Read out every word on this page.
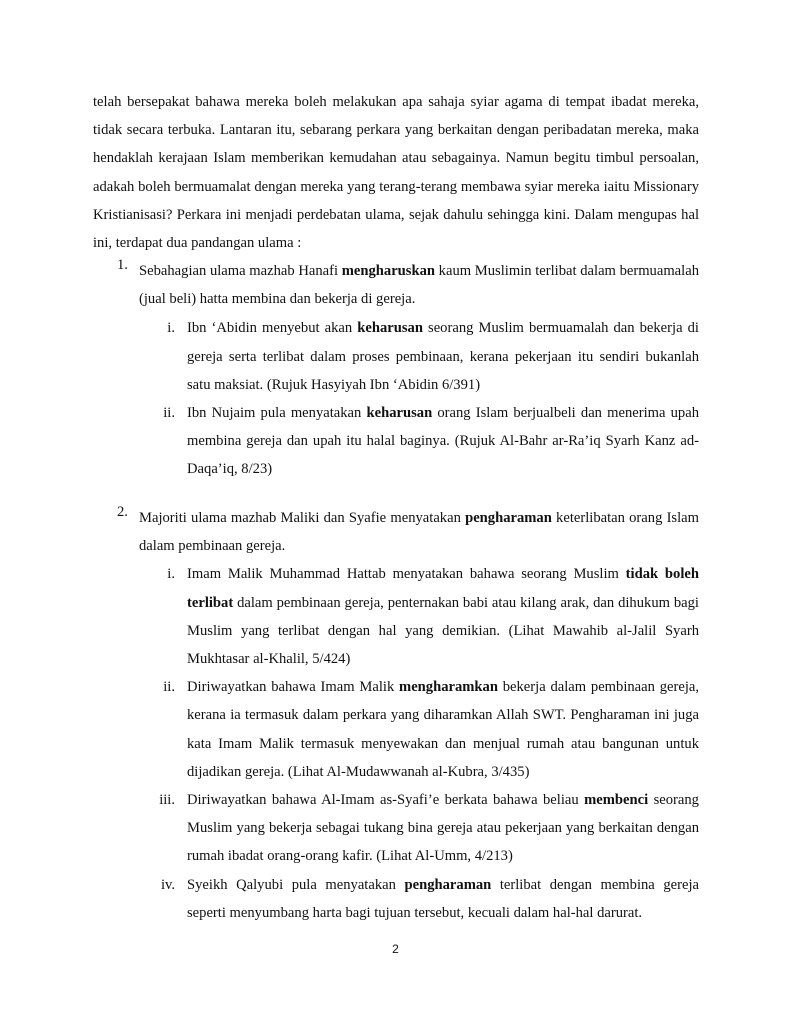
telah bersepakat bahawa mereka boleh melakukan apa sahaja syiar agama di tempat ibadat mereka, tidak secara terbuka. Lantaran itu, sebarang perkara yang berkaitan dengan peribadatan mereka, maka hendaklah kerajaan Islam memberikan kemudahan atau sebagainya. Namun begitu timbul persoalan, adakah boleh bermuamalat dengan mereka yang terang-terang membawa syiar mereka iaitu Missionary Kristianisasi? Perkara ini menjadi perdebatan ulama, sejak dahulu sehingga kini. Dalam mengupas hal ini, terdapat dua pandangan ulama :

1. Sebahagian ulama mazhab Hanafi mengharuskan kaum Muslimin terlibat dalam bermuamalah (jual beli) hatta membina dan bekerja di gereja.

i. Ibn ‘Abidin menyebut akan keharusan seorang Muslim bermuamalah dan bekerja di gereja serta terlibat dalam proses pembinaan, kerana pekerjaan itu sendiri bukanlah satu maksiat. (Rujuk Hasyiyah Ibn ‘Abidin 6/391)

ii. Ibn Nujaim pula menyatakan keharusan orang Islam berjualbeli dan menerima upah membina gereja dan upah itu halal baginya. (Rujuk Al-Bahr ar-Ra’iq Syarh Kanz ad-Daqa’iq, 8/23)

2. Majoriti ulama mazhab Maliki dan Syafie menyatakan pengharaman keterlibatan orang Islam dalam pembinaan gereja.

i. Imam Malik Muhammad Hattab menyatakan bahawa seorang Muslim tidak boleh terlibat dalam pembinaan gereja, penternakan babi atau kilang arak, dan dihukum bagi Muslim yang terlibat dengan hal yang demikian. (Lihat Mawahib al-Jalil Syarh Mukhtasar al-Khalil, 5/424)

ii. Diriwayatkan bahawa Imam Malik mengharamkan bekerja dalam pembinaan gereja, kerana ia termasuk dalam perkara yang diharamkan Allah SWT. Pengharaman ini juga kata Imam Malik termasuk menyewakan dan menjual rumah atau bangunan untuk dijadikan gereja. (Lihat Al-Mudawwanah al-Kubra, 3/435)

iii. Diriwayatkan bahawa Al-Imam as-Syafi’e berkata bahawa beliau membenci seorang Muslim yang bekerja sebagai tukang bina gereja atau pekerjaan yang berkaitan dengan rumah ibadat orang-orang kafir. (Lihat Al-Umm, 4/213)

iv. Syeikh Qalyubi pula menyatakan pengharaman terlibat dengan membina gereja seperti menyumbang harta bagi tujuan tersebut, kecuali dalam hal-hal darurat.

2
